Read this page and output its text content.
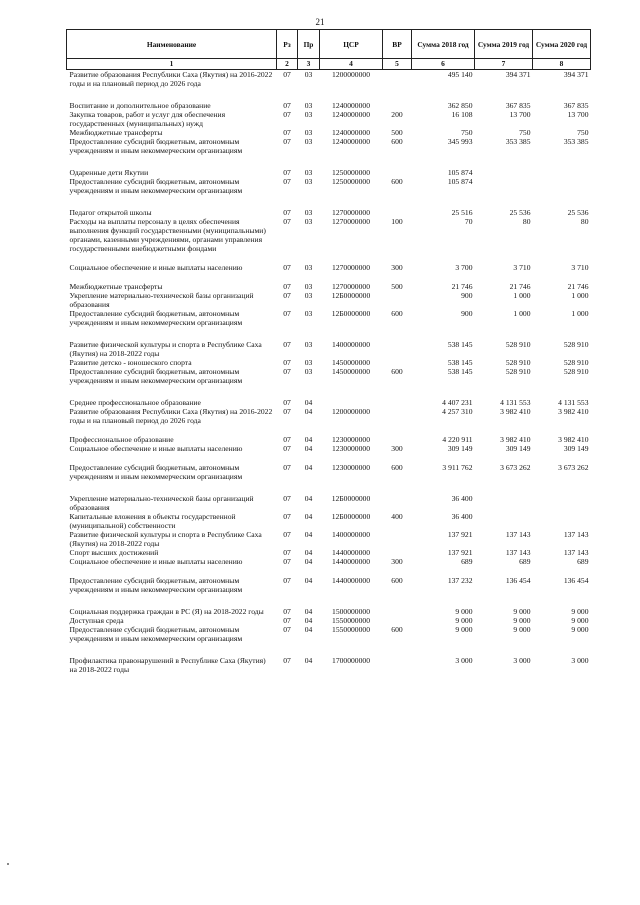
21
Наименование	Рз	Пр	ЦСР	ВР	Сумма 2018 год	Сумма 2019 год	Сумма 2020 год
1	2	3	4	5	6	7	8
Развитие образования Республики Саха (Якутия) на 2016-2022 годы и на плановый период до 2026 года	07	03	1200000000		495 140	394 371	394 371

Воспитание и дополнительное образование	07	03	1240000000		362 850	367 835	367 835
Закупка товаров, работ и услуг для обеспечения государственных (муниципальных) нужд	07	03	1240000000	200	16 108	13 700	13 700
Межбюджетные трансферты	07	03	1240000000	500	750	750	750
Предоставление субсидий бюджетным, автономным учреждениям и иным некоммерческим организациям	07	03	1240000000	600	345 993	353 385	353 385

Одаренные дети Якутии	07	03	1250000000		105 874		
Предоставление субсидий бюджетным, автономным учреждениям и иным некоммерческим организациям	07	03	1250000000	600	105 874		

Педагог открытой школы	07	03	1270000000		25 516	25 536	25 536
Расходы на выплаты персоналу в целях обеспечения выполнения функций государственными (муниципальными) органами, казенными учреждениями, органами управления государственными внебюджетными фондами	07	03	1270000000	100	70	80	80

Социальное обеспечение и иные выплаты населению	07	03	1270000000	300	3 700	3 710	3 710

Межбюджетные трансферты	07	03	1270000000	500	21 746	21 746	21 746
Укрепление материально-технической базы организаций образования	07	03	12Б0000000		900	1 000	1 000
Предоставление субсидий бюджетным, автономным учреждениям и иным некоммерческим организациям	07	03	12Б0000000	600	900	1 000	1 000

Развитие физической культуры и спорта в Республике Саха (Якутия) на 2018-2022 годы	07	03	1400000000		538 145	528 910	528 910
Развитие детско - юношеского спорта	07	03	1450000000		538 145	528 910	528 910
Предоставление субсидий бюджетным, автономным учреждениям и иным некоммерческим организациям	07	03	1450000000	600	538 145	528 910	528 910

Среднее профессиональное образование	07	04			4 407 231	4 131 553	4 131 553
Развитие образования Республики Саха (Якутия) на 2016-2022 годы и на плановый период до 2026 года	07	04	1200000000		4 257 310	3 982 410	3 982 410

Профессиональное образование	07	04	1230000000		4 220 911	3 982 410	3 982 410
Социальное обеспечение и иные выплаты населению	07	04	1230000000	300	309 149	309 149	309 149

Предоставление субсидий бюджетным, автономным учреждениям и иным некоммерческим организациям	07	04	1230000000	600	3 911 762	3 673 262	3 673 262

Укрепление материально-технической базы организаций образования	07	04	12Б0000000		36 400		
Капитальные вложения в объекты государственной (муниципальной) собственности	07	04	12Б0000000	400	36 400		
Развитие физической культуры и спорта в Республике Саха (Якутия) на 2018-2022 годы	07	04	1400000000		137 921	137 143	137 143
Спорт высших достижений	07	04	1440000000		137 921	137 143	137 143
Социальное обеспечение и иные выплаты населению	07	04	1440000000	300	689	689	689

Предоставление субсидий бюджетным, автономным учреждениям и иным некоммерческим организациям	07	04	1440000000	600	137 232	136 454	136 454

Социальная поддержка граждан в РС (Я) на 2018-2022 годы	07	04	1500000000		9 000	9 000	9 000
Доступная среда	07	04	1550000000		9 000	9 000	9 000
Предоставление субсидий бюджетным, автономным учреждениям и иным некоммерческим организациям	07	04	1550000000	600	9 000	9 000	9 000

Профилактика правонарушений в Республике Саха (Якутия) на 2018-2022 годы	07	04	1700000000		3 000	3 000	3 000
